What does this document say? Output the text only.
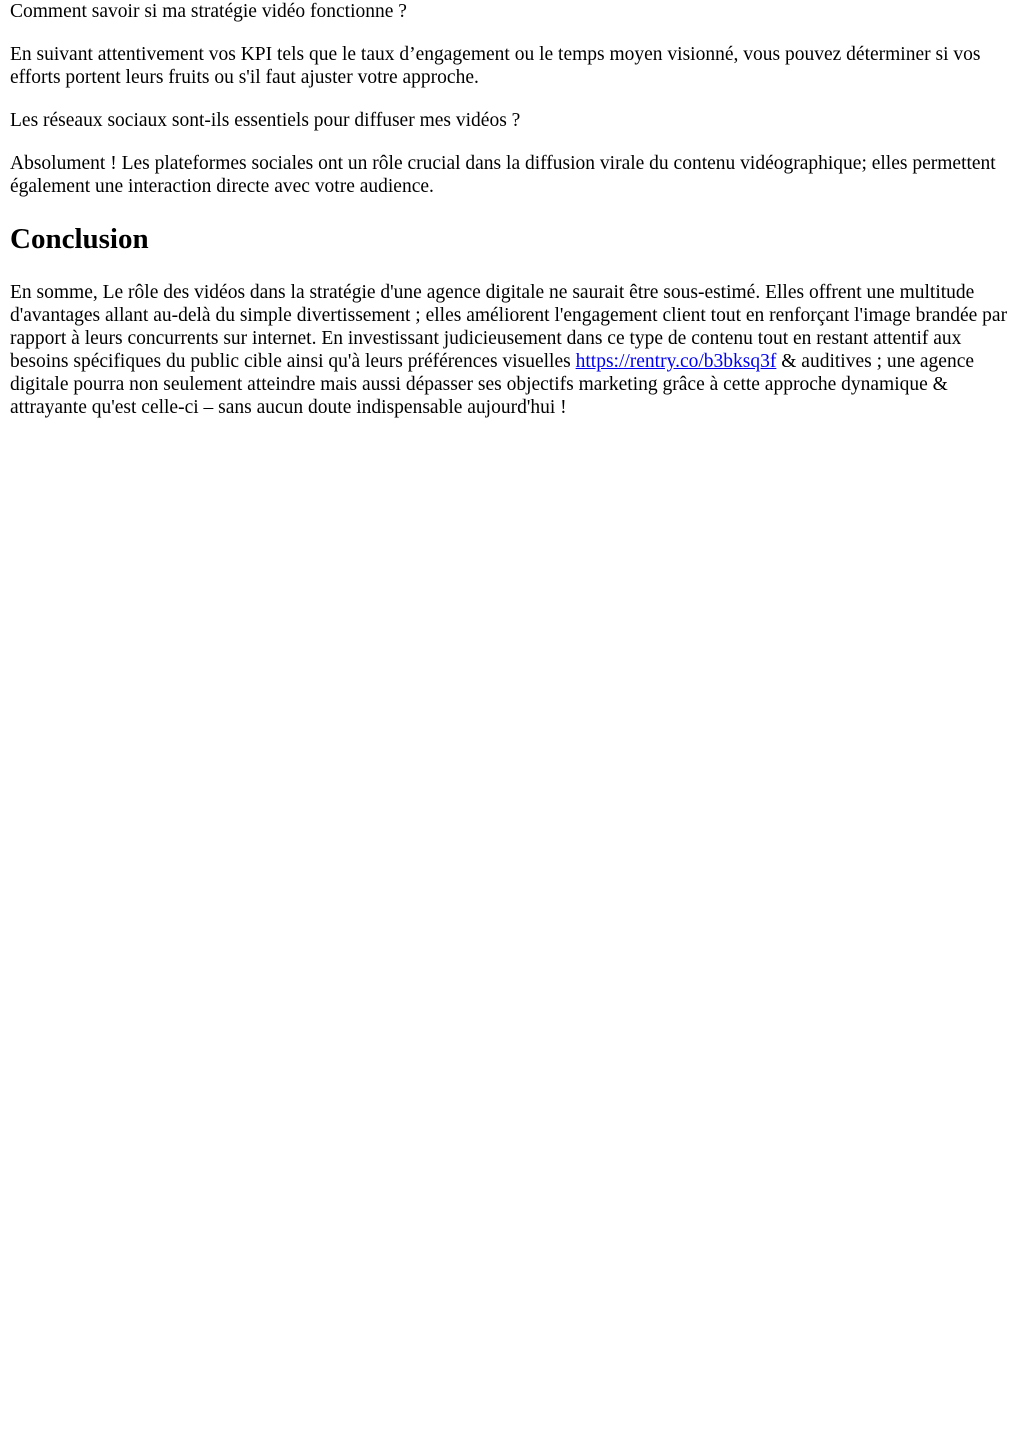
Comment savoir si ma stratégie vidéo fonctionne ?

En suivant attentivement vos KPI tels que le taux d’engagement ou le temps moyen visionné, vous pouvez déterminer si vos efforts portent leurs fruits ou s'il faut ajuster votre approche.

Les réseaux sociaux sont-ils essentiels pour diffuser mes vidéos ?

Absolument ! Les plateformes sociales ont un rôle crucial dans la diffusion virale du contenu vidéographique; elles permettent également une interaction directe avec votre audience.

Conclusion

En somme, Le rôle des vidéos dans la stratégie d'une agence digitale ne saurait être sous-estimé. Elles offrent une multitude d'avantages allant au-delà du simple divertissement ; elles améliorent l'engagement client tout en renforçant l'image brandée par rapport à leurs concurrents sur internet. En investissant judicieusement dans ce type de contenu tout en restant attentif aux besoins spécifiques du public cible ainsi qu'à leurs préférences visuelles https://rentry.co/b3bksq3f & auditives ; une agence digitale pourra non seulement atteindre mais aussi dépasser ses objectifs marketing grâce à cette approche dynamique & attrayante qu'est celle-ci – sans aucun doute indispensable aujourd'hui !
